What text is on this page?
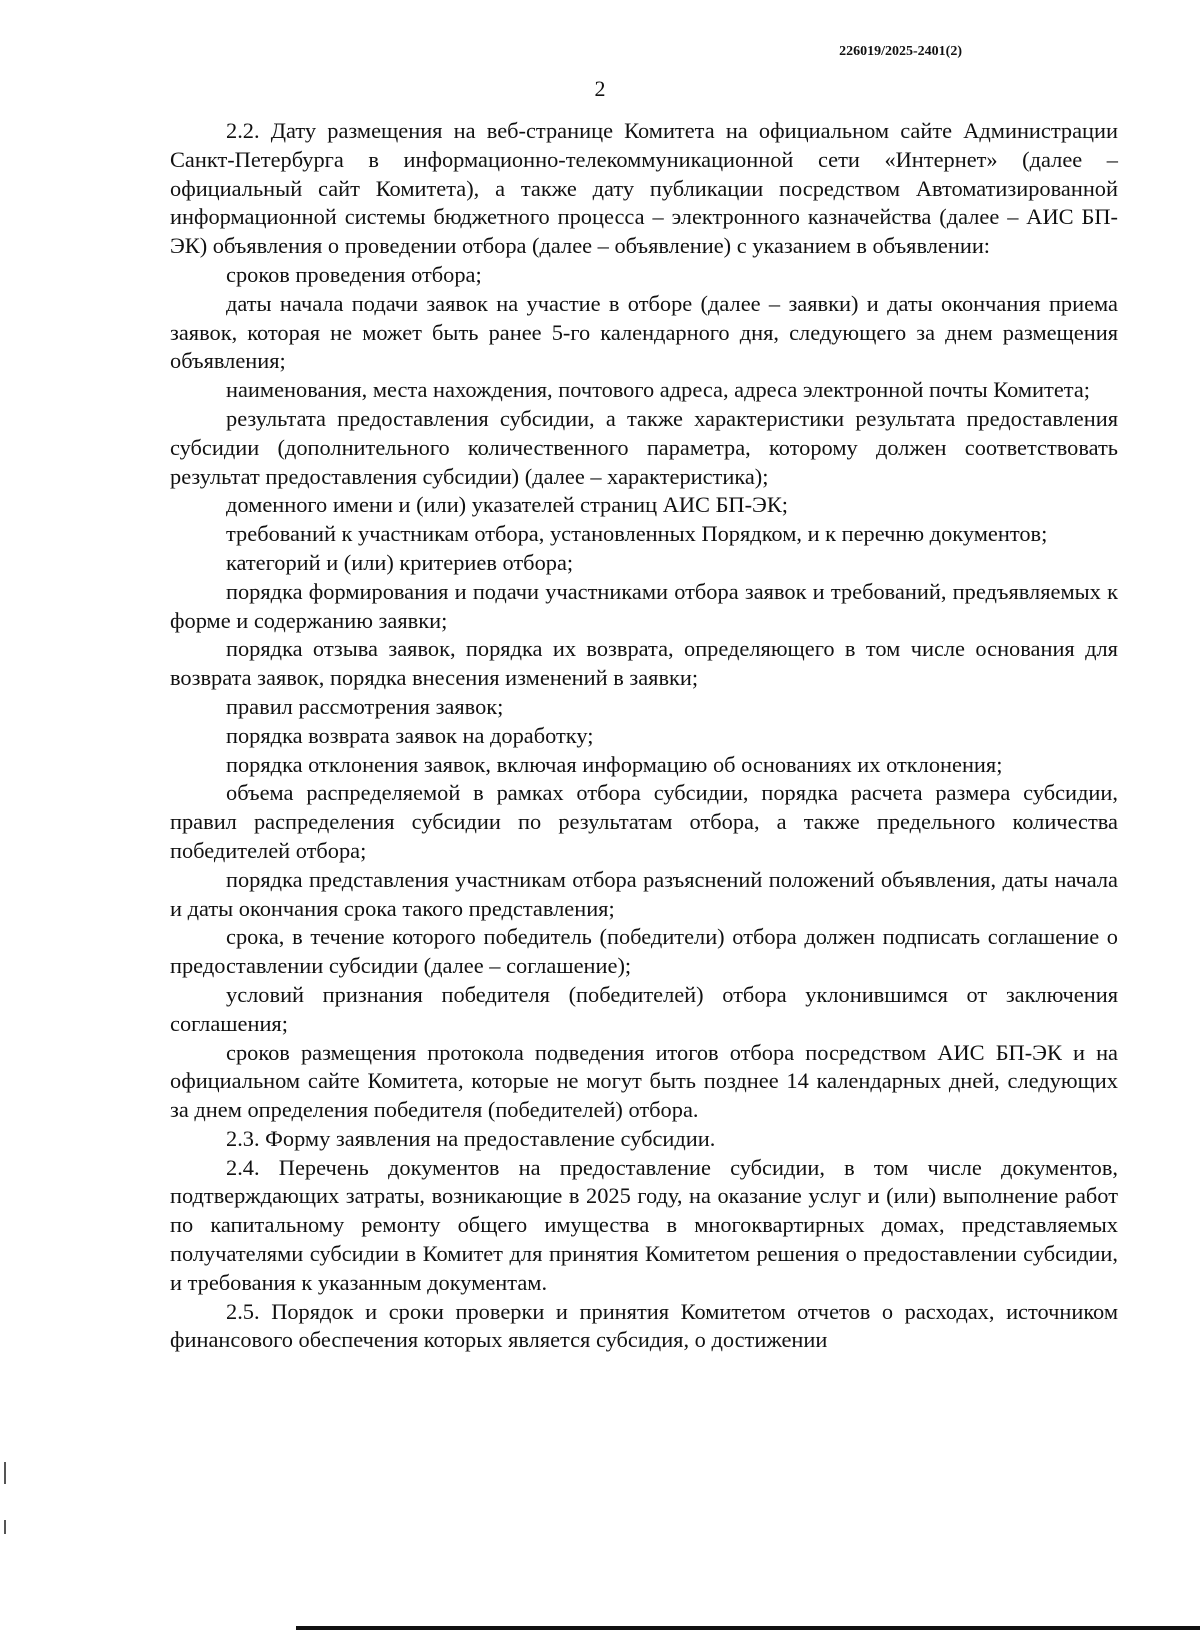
226019/2025-2401(2)
2

2.2. Дату размещения на веб-странице Комитета на официальном сайте Администрации Санкт-Петербурга в информационно-телекоммуникационной сети «Интернет» (далее – официальный сайт Комитета), а также дату публикации посредством Автоматизированной информационной системы бюджетного процесса – электронного казначейства (далее – АИС БП-ЭК) объявления о проведении отбора (далее – объявление) с указанием в объявлении:

сроков проведения отбора;

даты начала подачи заявок на участие в отборе (далее – заявки) и даты окончания приема заявок, которая не может быть ранее 5-го календарного дня, следующего за днем размещения объявления;

наименования, места нахождения, почтового адреса, адреса электронной почты Комитета;

результата предоставления субсидии, а также характеристики результата предоставления субсидии (дополнительного количественного параметра, которому должен соответствовать результат предоставления субсидии) (далее – характеристика);

доменного имени и (или) указателей страниц АИС БП-ЭК;

требований к участникам отбора, установленных Порядком, и к перечню документов;

категорий и (или) критериев отбора;

порядка формирования и подачи участниками отбора заявок и требований, предъявляемых к форме и содержанию заявки;

порядка отзыва заявок, порядка их возврата, определяющего в том числе основания для возврата заявок, порядка внесения изменений в заявки;

правил рассмотрения заявок;

порядка возврата заявок на доработку;

порядка отклонения заявок, включая информацию об основаниях их отклонения;

объема распределяемой в рамках отбора субсидии, порядка расчета размера субсидии, правил распределения субсидии по результатам отбора, а также предельного количества победителей отбора;

порядка представления участникам отбора разъяснений положений объявления, даты начала и даты окончания срока такого представления;

срока, в течение которого победитель (победители) отбора должен подписать соглашение о предоставлении субсидии (далее – соглашение);

условий признания победителя (победителей) отбора уклонившимся от заключения соглашения;

сроков размещения протокола подведения итогов отбора посредством АИС БП-ЭК и на официальном сайте Комитета, которые не могут быть позднее 14 календарных дней, следующих за днем определения победителя (победителей) отбора.

2.3. Форму заявления на предоставление субсидии.

2.4. Перечень документов на предоставление субсидии, в том числе документов, подтверждающих затраты, возникающие в 2025 году, на оказание услуг и (или) выполнение работ по капитальному ремонту общего имущества в многоквартирных домах, представляемых получателями субсидии в Комитет для принятия Комитетом решения о предоставлении субсидии, и требования к указанным документам.

2.5. Порядок и сроки проверки и принятия Комитетом отчетов о расходах, источником финансового обеспечения которых является субсидия, о достижении
